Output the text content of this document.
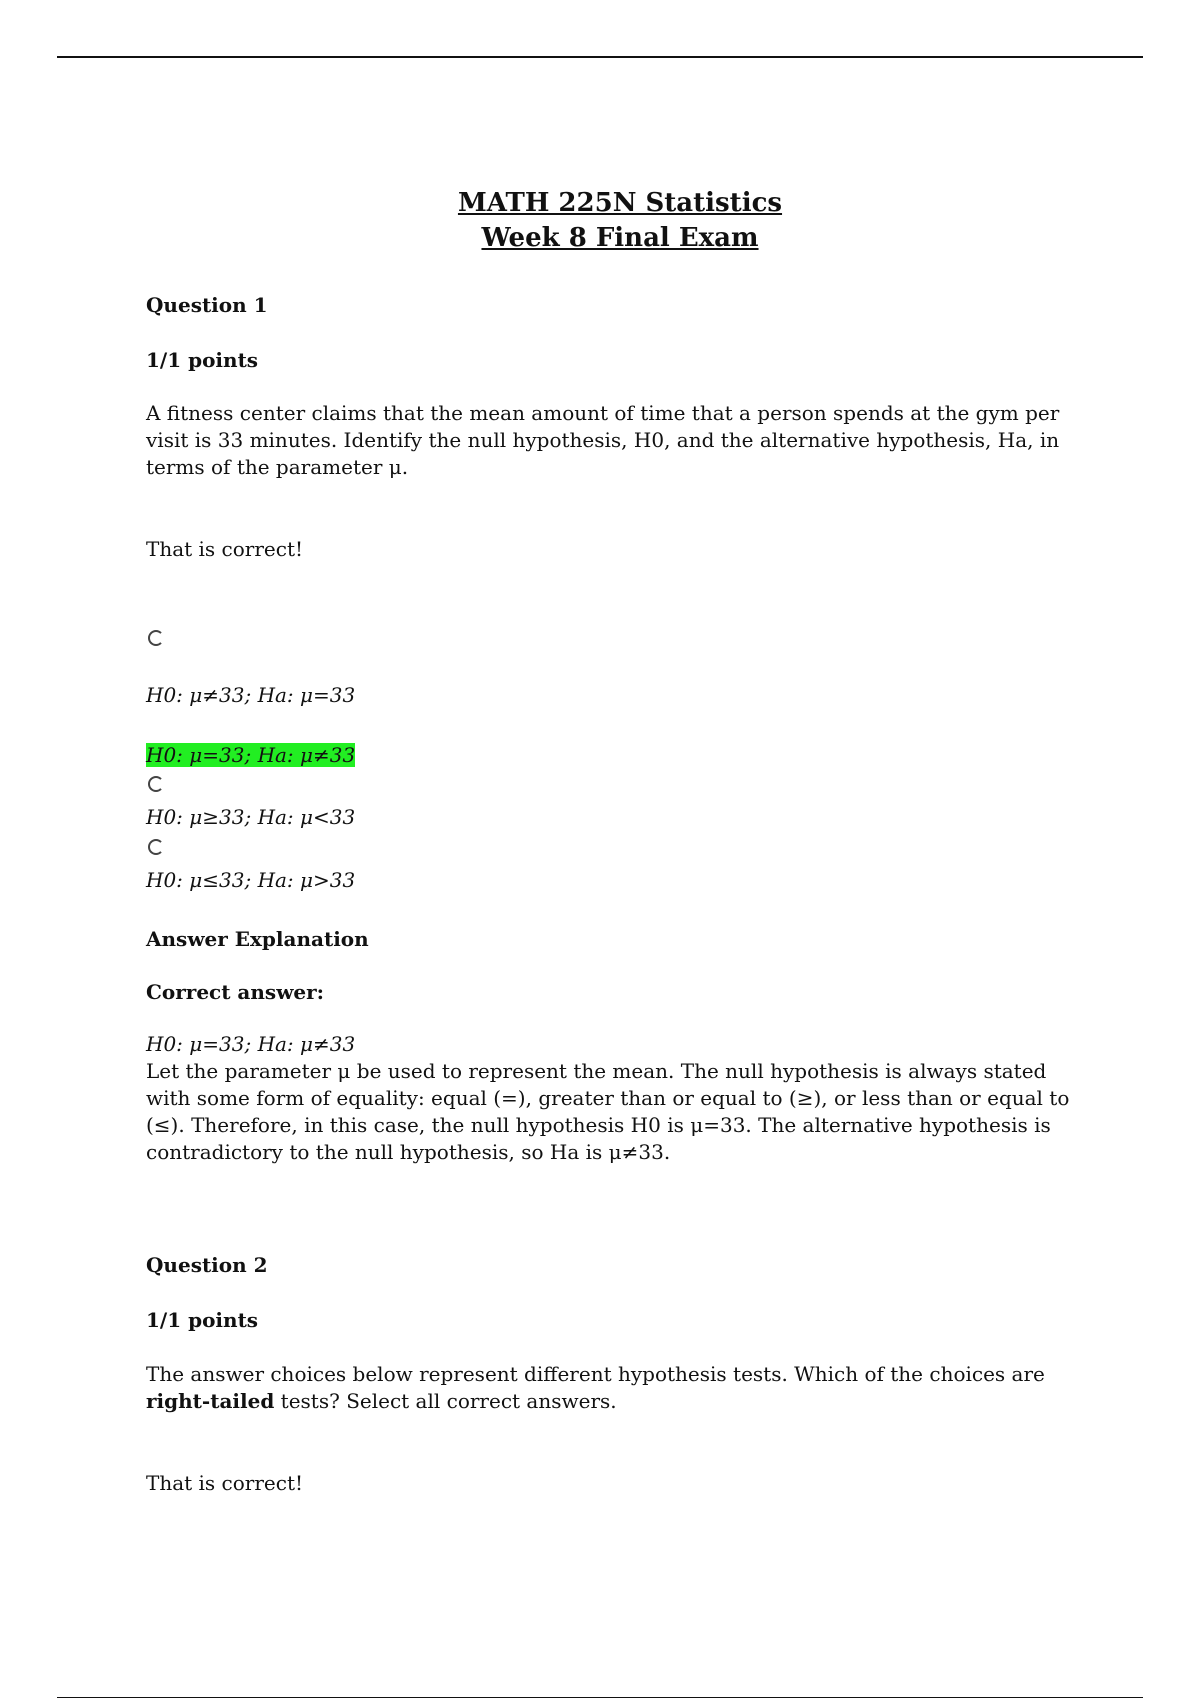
MATH 225N Statistics
Week 8 Final Exam
Question 1
1/1 points
A fitness center claims that the mean amount of time that a person spends at the gym per visit is 33 minutes. Identify the null hypothesis, H0, and the alternative hypothesis, Ha, in terms of the parameter μ.
That is correct!
H0: μ≠33; Ha: μ=33
H0: μ=33; Ha: μ≠33
H0: μ≥33; Ha: μ<33
H0: μ≤33; Ha: μ>33
Answer Explanation
Correct answer:
H0: μ=33; Ha: μ≠33
Let the parameter μ be used to represent the mean. The null hypothesis is always stated with some form of equality: equal (=), greater than or equal to (≥), or less than or equal to (≤). Therefore, in this case, the null hypothesis H0 is μ=33. The alternative hypothesis is contradictory to the null hypothesis, so Ha is μ≠33.
Question 2
1/1 points
The answer choices below represent different hypothesis tests. Which of the choices are right-tailed tests? Select all correct answers.
That is correct!
